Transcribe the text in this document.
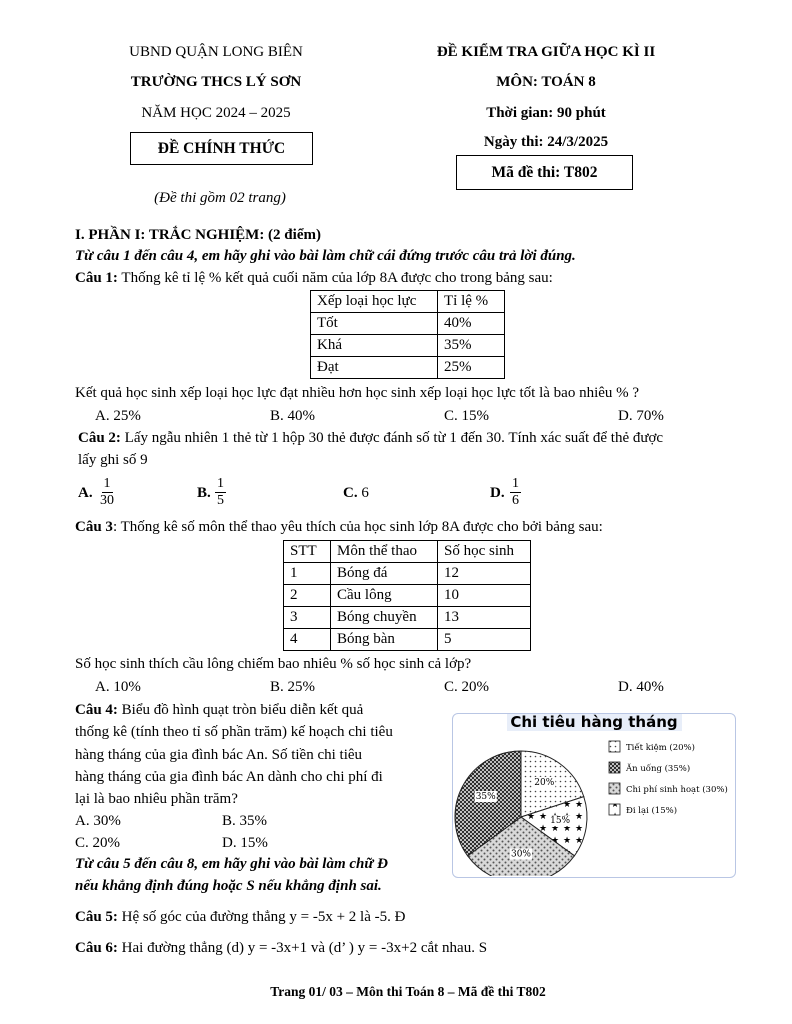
UBND QUẬN LONG BIÊN
TRƯỜNG THCS LÝ SƠN
NĂM HỌC 2024 – 2025
ĐỀ CHÍNH THỨC
(Đề thi gồm 02 trang)
ĐỀ KIỂM TRA GIỮA HỌC KÌ II
MÔN: TOÁN 8
Thời gian: 90 phút
Ngày thi: 24/3/2025
Mã đề thi: T802
I. PHẦN I: TRẮC NGHIỆM: (2 điểm)
Từ câu 1 đến câu 4, em hãy ghi vào bài làm chữ cái đứng trước câu trả lời đúng.
Câu 1: Thống kê tỉ lệ % kết quả cuối năm của lớp 8A được cho trong bảng sau:
Xếp loại học lực	Tỉ lệ %
Tốt	40%
Khá	35%
Đạt	25%
Kết quả học sinh xếp loại học lực đạt nhiều hơn học sinh xếp loại học lực tốt là bao nhiêu % ?
A. 25%	B. 40%	C. 15%	D. 70%
Câu 2: Lấy ngẫu nhiên 1 thẻ từ 1 hộp 30 thẻ được đánh số từ 1 đến 30. Tính xác suất để thẻ được
lấy ghi số 9
A. $\frac{1}{30}$	B. $\frac{1}{5}$	C. 6	D. $\frac{1}{6}$
Câu 3: Thống kê số môn thể thao yêu thích của học sinh lớp 8A được cho bởi bảng sau:
STT	Môn thể thao	Số học sinh
1	Bóng đá	12
2	Cầu lông	10
3	Bóng chuyền	13
4	Bóng bàn	5
Số học sinh thích cầu lông chiếm bao nhiêu % số học sinh cả lớp?
A. 10%	B. 25%	C. 20%	D. 40%
Câu 4: Biểu đồ hình quạt tròn biểu diễn kết quả
thống kê (tính theo tỉ số phần trăm) kế hoạch chi tiêu
hàng tháng của gia đình bác An. Số tiền chi tiêu
hàng tháng của gia đình bác An dành cho chi phí đi
lại là bao nhiêu phần trăm?
A. 30%	B. 35%
C. 20%	D. 15%
Chi tiêu hàng tháng
20%
15%
30%
35%
Tiết kiệm (20%)
Ăn uống (35%)
Chi phí sinh hoạt (30%)
Đi lại (15%)
Từ câu 5 đến câu 8, em hãy ghi vào bài làm chữ Đ
nếu khẳng định đúng hoặc S nếu khẳng định sai.
Câu 5: Hệ số góc của đường thẳng y = -5x + 2 là -5. Đ
Câu 6: Hai đường thẳng (d) y = -3x+1 và (d’ ) y = -3x+2 cắt nhau. S
Trang 01/ 03 – Môn thi Toán 8 – Mã đề thi T802
